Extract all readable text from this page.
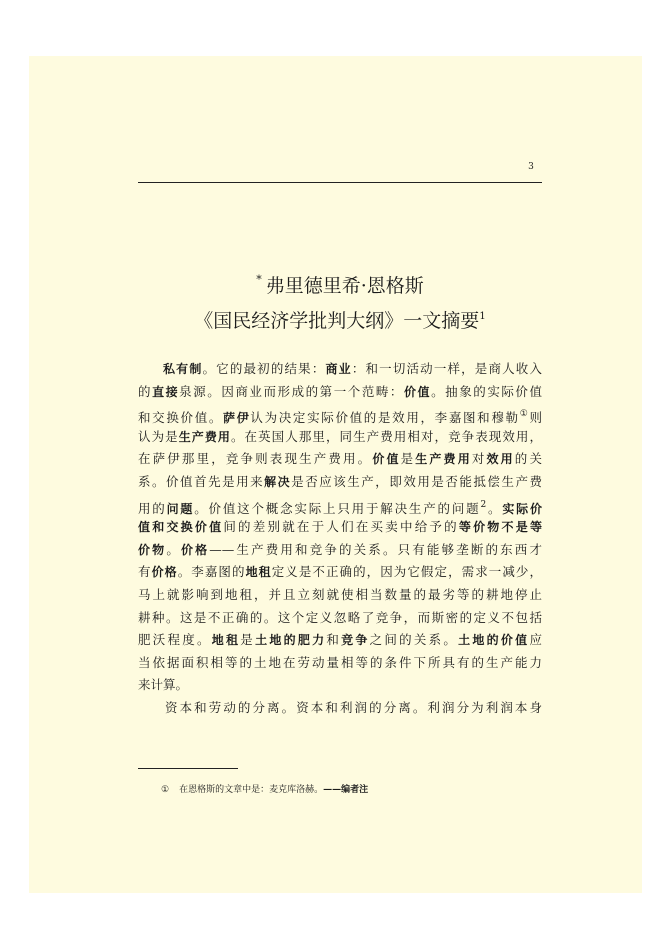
3
* 弗里德里希·恩格斯
《国民经济学批判大纲》一文摘要$^1$
私有制。它的最初的结果：商业：和一切活动一样，是商人收入
的直接泉源。因商业而形成的第一个范畴：价值。抽象的实际价值
和交换价值。萨伊认为决定实际价值的是效用，李嘉图和穆勒①则
认为是生产费用。在英国人那里，同生产费用相对，竞争表现效用，
在萨伊那里，竞争则表现生产费用。价值是生产费用对效用的关
系。价值首先是用来解决是否应该生产，即效用是否能抵偿生产费
用的问题。价值这个概念实际上只用于解决生产的问题$^2$。实际价
值和交换价值间的差别就在于人们在买卖中给予的等价物不是等
价物。价格——生产费用和竞争的关系。只有能够垄断的东西才
有价格。李嘉图的地租定义是不正确的，因为它假定，需求一减少，
马上就影响到地租，并且立刻就使相当数量的最劣等的耕地停止
耕种。这是不正确的。这个定义忽略了竞争，而斯密的定义不包括
肥沃程度。地租是土地的肥力和竞争之间的关系。土地的价值应
当依据面积相等的土地在劳动量相等的条件下所具有的生产能力
来计算。
资本和劳动的分离。资本和利润的分离。利润分为利润本身
① 在恩格斯的文章中是：麦克库洛赫。——编者注
